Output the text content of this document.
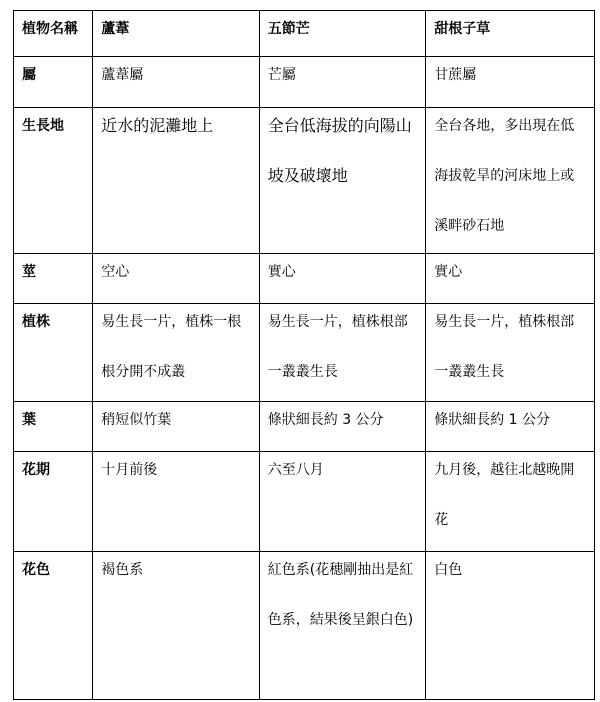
植物名稱	蘆葦	五節芒	甜根子草

屬	蘆葦屬	芒屬	甘蔗屬

生長地	近水的泥灘地上	全台低海拔的向陽山坡及破壞地	全台各地，多出現在低海拔乾旱的河床地上或溪畔砂石地

莖	空心	實心	實心

植株	易生長一片，植株一根根分開不成叢	易生長一片，植株根部一叢叢生長	易生長一片，植株根部一叢叢生長

葉	稍短似竹葉	條狀細長約 3 公分	條狀細長約 1 公分

花期	十月前後	六至八月	九月後，越往北越晚開花

花色	褐色系	紅色系(花穗剛抽出是紅色系，結果後呈銀白色)	白色
